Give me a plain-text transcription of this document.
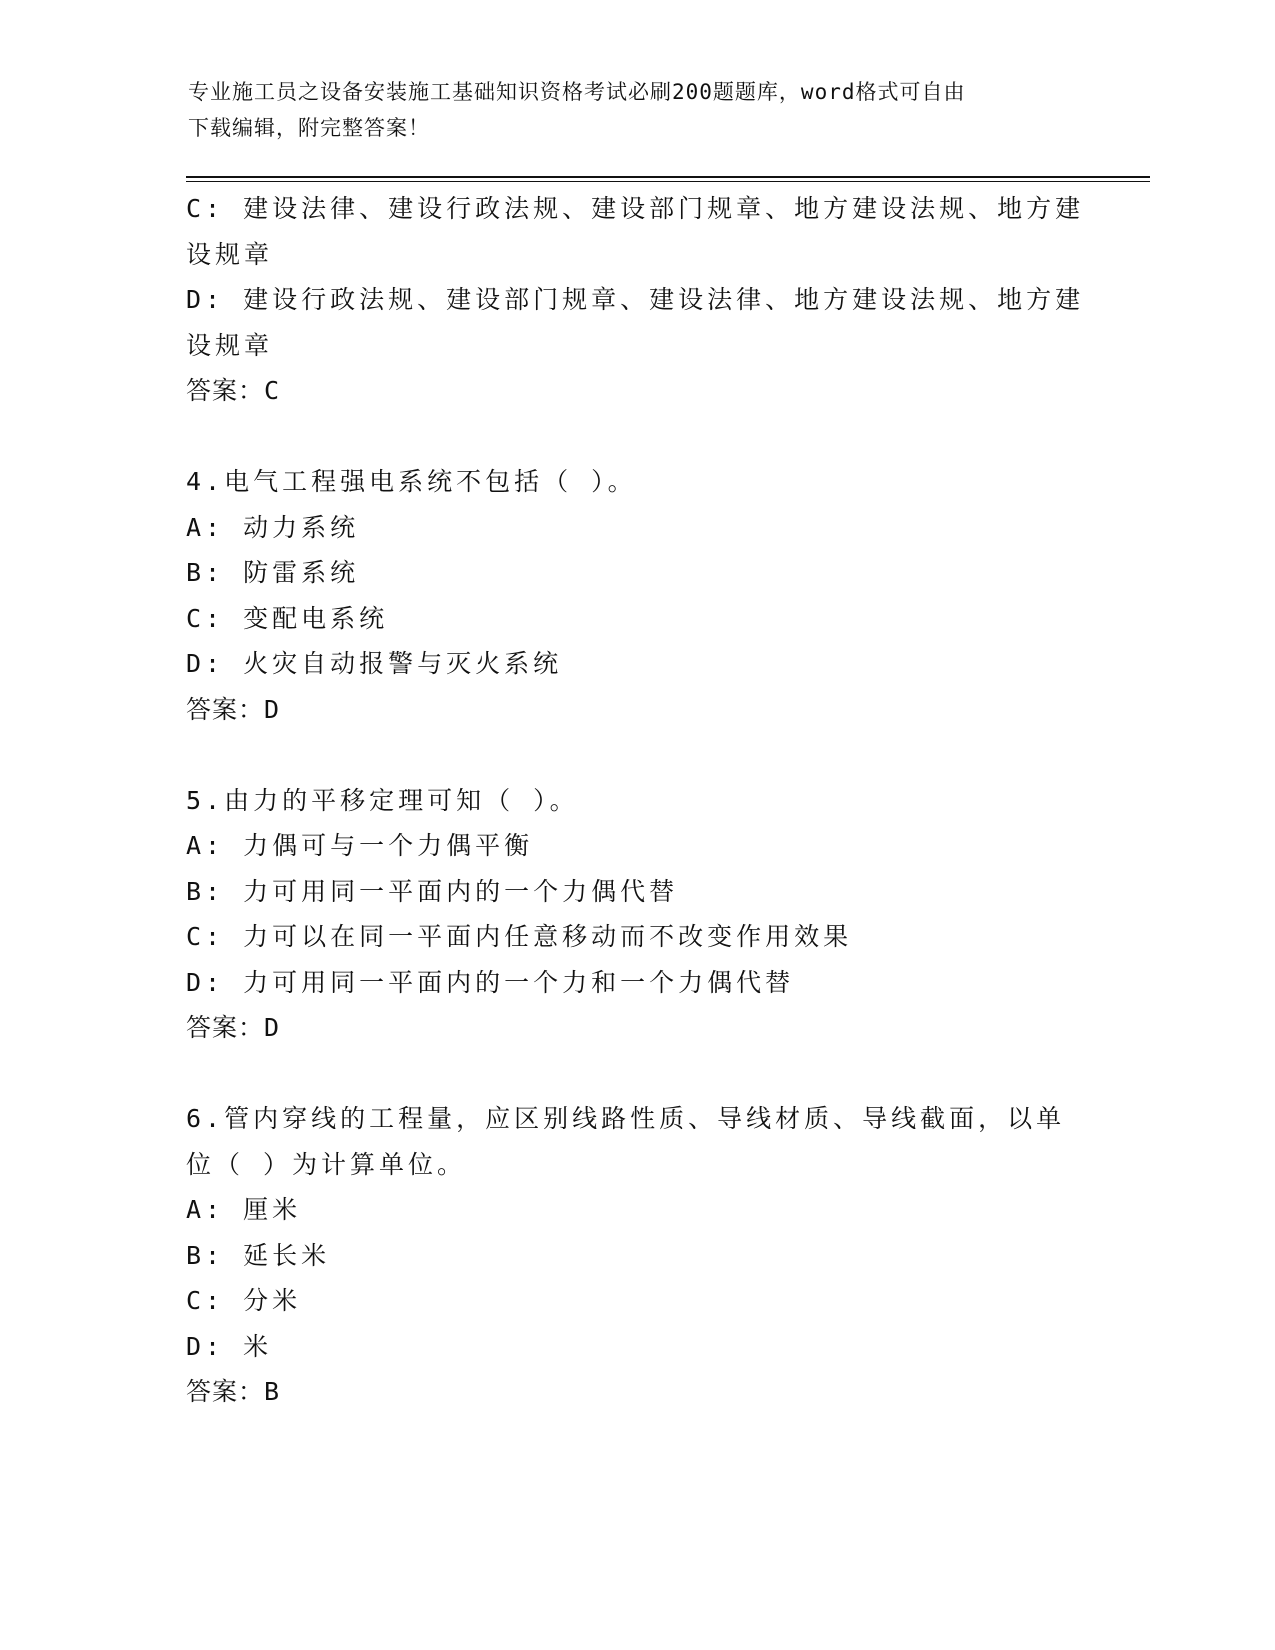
专业施工员之设备安装施工基础知识资格考试必刷200题题库，word格式可自由
下载编辑，附完整答案！
C: 建设法律、建设行政法规、建设部门规章、地方建设法规、地方建
设规章
D: 建设行政法规、建设部门规章、建设法律、地方建设法规、地方建
设规章
答案：C
4.电气工程强电系统不包括（ ）。
A: 动力系统
B: 防雷系统
C: 变配电系统
D: 火灾自动报警与灭火系统
答案：D
5.由力的平移定理可知（ ）。
A: 力偶可与一个力偶平衡
B: 力可用同一平面内的一个力偶代替
C: 力可以在同一平面内任意移动而不改变作用效果
D: 力可用同一平面内的一个力和一个力偶代替
答案：D
6.管内穿线的工程量，应区别线路性质、导线材质、导线截面，以单
位（ ）为计算单位。
A: 厘米
B: 延长米
C: 分米
D: 米
答案：B
